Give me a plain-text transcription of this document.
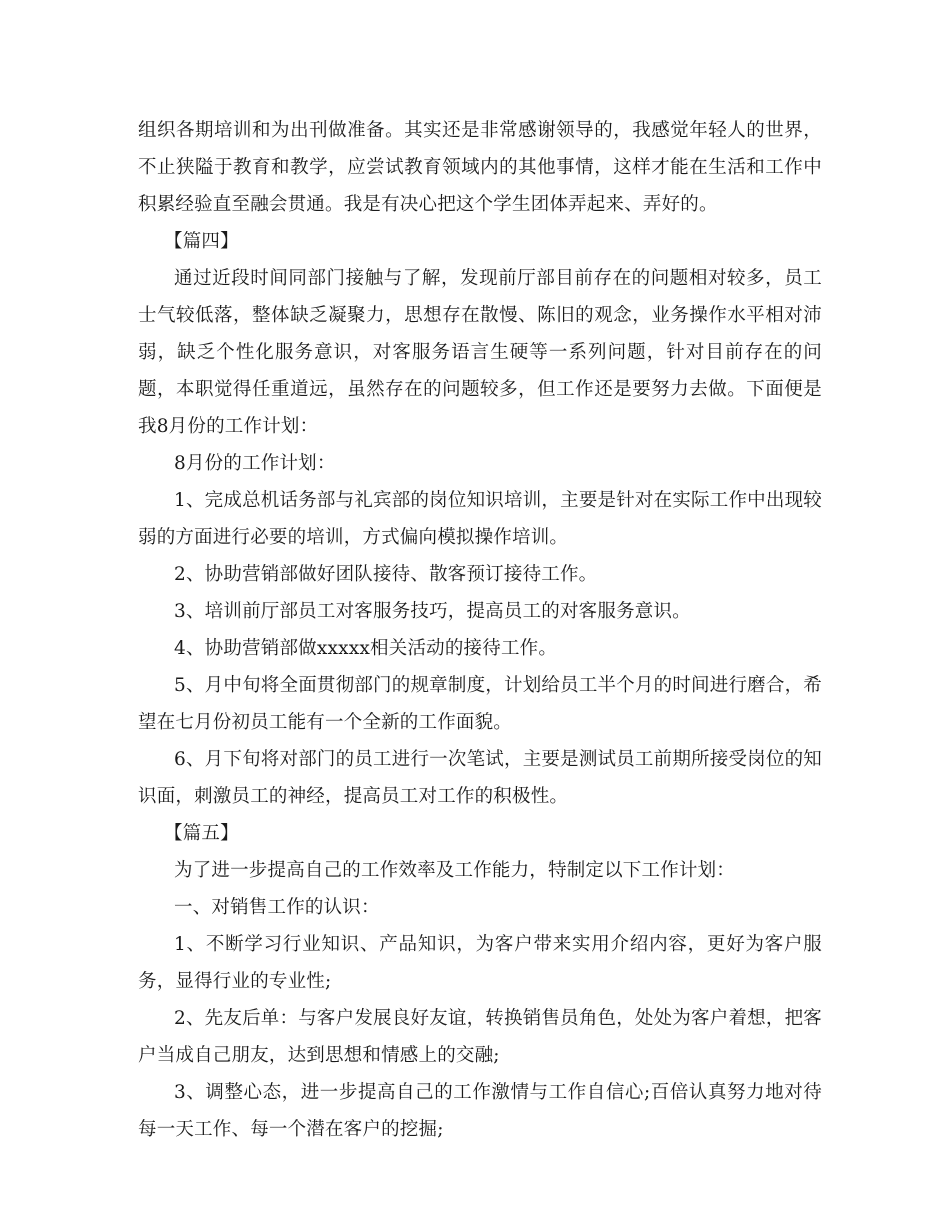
组织各期培训和为出刊做准备。其实还是非常感谢领导的，我感觉年轻人的世界，不止狭隘于教育和教学，应尝试教育领域内的其他事情，这样才能在生活和工作中积累经验直至融会贯通。我是有决心把这个学生团体弄起来、弄好的。

【篇四】

通过近段时间同部门接触与了解，发现前厅部目前存在的问题相对较多，员工士气较低落，整体缺乏凝聚力，思想存在散慢、陈旧的观念，业务操作水平相对沛弱，缺乏个性化服务意识，对客服务语言生硬等一系列问题，针对目前存在的问题，本职觉得任重道远，虽然存在的问题较多，但工作还是要努力去做。下面便是我8月份的工作计划：

8月份的工作计划：

1、完成总机话务部与礼宾部的岗位知识培训，主要是针对在实际工作中出现较弱的方面进行必要的培训，方式偏向模拟操作培训。

2、协助营销部做好团队接待、散客预订接待工作。

3、培训前厅部员工对客服务技巧，提高员工的对客服务意识。

4、协助营销部做xxxxx相关活动的接待工作。

5、月中旬将全面贯彻部门的规章制度，计划给员工半个月的时间进行磨合，希望在七月份初员工能有一个全新的工作面貌。

6、月下旬将对部门的员工进行一次笔试，主要是测试员工前期所接受岗位的知识面，刺激员工的神经，提高员工对工作的积极性。

【篇五】

为了进一步提高自己的工作效率及工作能力，特制定以下工作计划：

一、对销售工作的认识：

1、不断学习行业知识、产品知识，为客户带来实用介绍内容，更好为客户服务，显得行业的专业性;

2、先友后单：与客户发展良好友谊，转换销售员角色，处处为客户着想，把客户当成自己朋友，达到思想和情感上的交融;

3、调整心态，进一步提高自己的工作激情与工作自信心;百倍认真努力地对待每一天工作、每一个潜在客户的挖掘;
